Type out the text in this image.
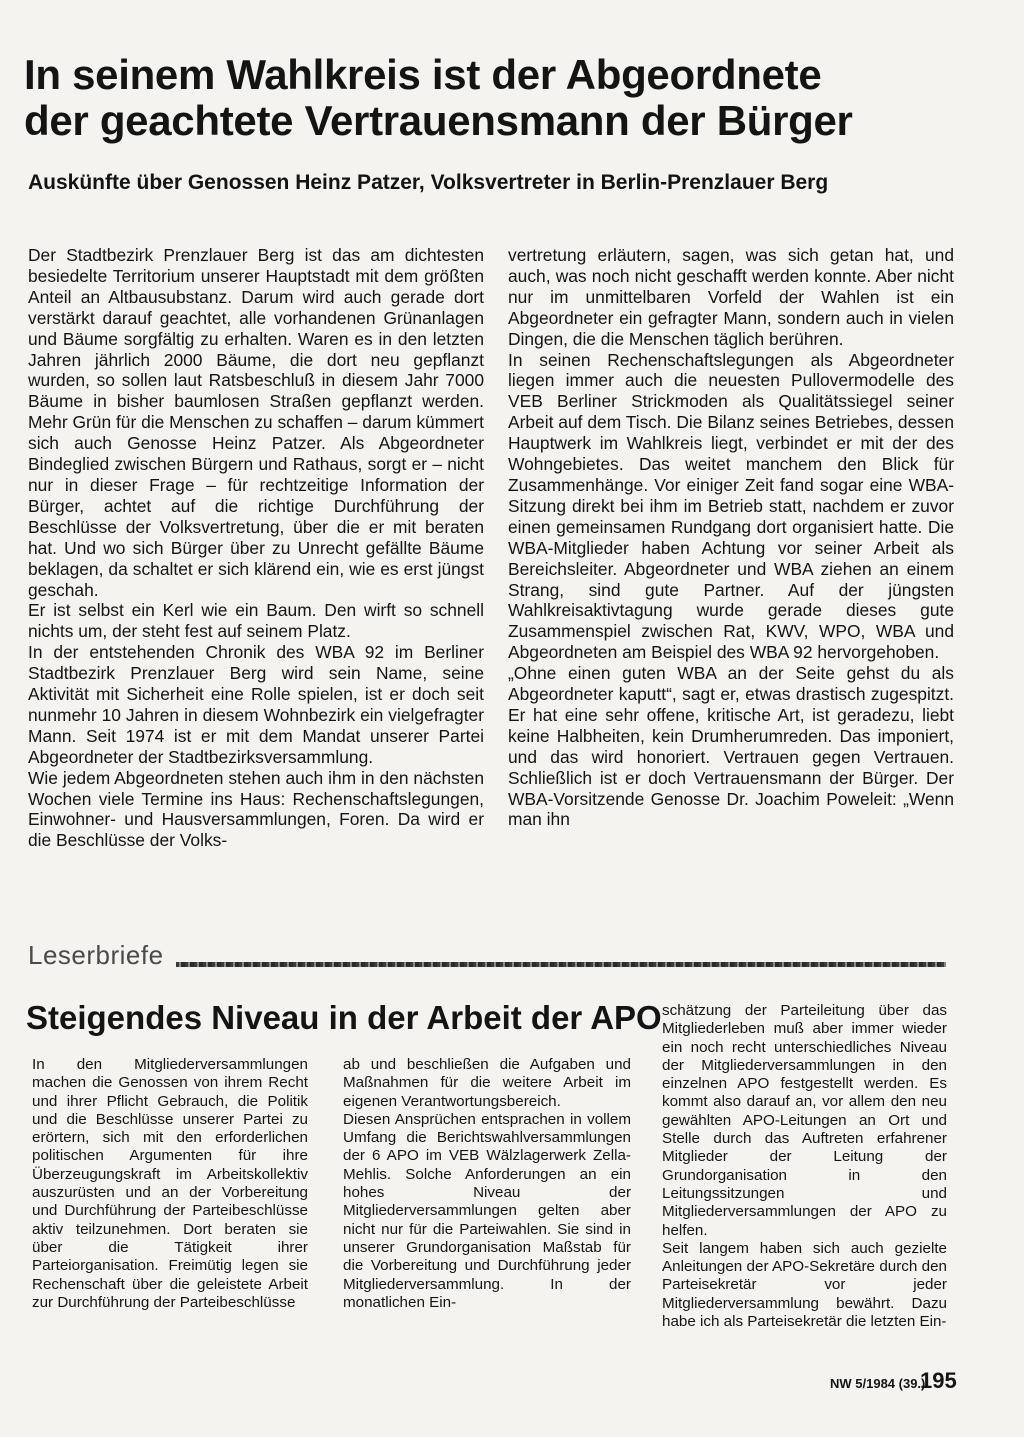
In seinem Wahlkreis ist der Abgeordnete
der geachtete Vertrauensmann der Bürger
Auskünfte über Genossen Heinz Patzer, Volksvertreter in Berlin-Prenzlauer Berg

Der Stadtbezirk Prenzlauer Berg ist das am dichtesten besiedelte Territorium unserer Hauptstadt mit dem größten Anteil an Altbausubstanz. Darum wird auch gerade dort verstärkt darauf geachtet, alle vorhandenen Grünanlagen und Bäume sorgfältig zu erhalten. Waren es in den letzten Jahren jährlich 2000 Bäume, die dort neu gepflanzt wurden, so sollen laut Ratsbeschluß in diesem Jahr 7000 Bäume in bisher baumlosen Straßen gepflanzt werden. Mehr Grün für die Menschen zu schaffen – darum kümmert sich auch Genosse Heinz Patzer. Als Abgeordneter Bindeglied zwischen Bürgern und Rathaus, sorgt er – nicht nur in dieser Frage – für rechtzeitige Information der Bürger, achtet auf die richtige Durchführung der Beschlüsse der Volksvertretung, über die er mit beraten hat. Und wo sich Bürger über zu Unrecht gefällte Bäume beklagen, da schaltet er sich klärend ein, wie es erst jüngst geschah.

Er ist selbst ein Kerl wie ein Baum. Den wirft so schnell nichts um, der steht fest auf seinem Platz.

In der entstehenden Chronik des WBA 92 im Berliner Stadtbezirk Prenzlauer Berg wird sein Name, seine Aktivität mit Sicherheit eine Rolle spielen, ist er doch seit nunmehr 10 Jahren in diesem Wohnbezirk ein vielgefragter Mann. Seit 1974 ist er mit dem Mandat unserer Partei Abgeordneter der Stadtbezirksversammlung.

Wie jedem Abgeordneten stehen auch ihm in den nächsten Wochen viele Termine ins Haus: Rechenschaftslegungen, Einwohner- und Hausversammlungen, Foren. Da wird er die Beschlüsse der Volks-

vertretung erläutern, sagen, was sich getan hat, und auch, was noch nicht geschafft werden konnte. Aber nicht nur im unmittelbaren Vorfeld der Wahlen ist ein Abgeordneter ein gefragter Mann, sondern auch in vielen Dingen, die die Menschen täglich berühren.

In seinen Rechenschaftslegungen als Abgeordneter liegen immer auch die neuesten Pullovermodelle des VEB Berliner Strickmoden als Qualitätssiegel seiner Arbeit auf dem Tisch. Die Bilanz seines Betriebes, dessen Hauptwerk im Wahlkreis liegt, verbindet er mit der des Wohngebietes. Das weitet manchem den Blick für Zusammenhänge. Vor einiger Zeit fand sogar eine WBA-Sitzung direkt bei ihm im Betrieb statt, nachdem er zuvor einen gemeinsamen Rundgang dort organisiert hatte. Die WBA-Mitglieder haben Achtung vor seiner Arbeit als Bereichsleiter. Abgeordneter und WBA ziehen an einem Strang, sind gute Partner. Auf der jüngsten Wahlkreisaktivtagung wurde gerade dieses gute Zusammenspiel zwischen Rat, KWV, WPO, WBA und Abgeordneten am Beispiel des WBA 92 hervorgehoben.

„Ohne einen guten WBA an der Seite gehst du als Abgeordneter kaputt“, sagt er, etwas drastisch zugespitzt. Er hat eine sehr offene, kritische Art, ist geradezu, liebt keine Halbheiten, kein Drumherumreden. Das imponiert, und das wird honoriert. Vertrauen gegen Vertrauen. Schließlich ist er doch Vertrauensmann der Bürger. Der WBA-Vorsitzende Genosse Dr. Joachim Poweleit: „Wenn man ihn

Leserbriefe
Steigendes Niveau in der Arbeit der APO

In den Mitgliederversammlungen machen die Genossen von ihrem Recht und ihrer Pflicht Gebrauch, die Politik und die Beschlüsse unserer Partei zu erörtern, sich mit den erforderlichen politischen Argumenten für ihre Überzeugungskraft im Arbeitskollektiv auszurüsten und an der Vorbereitung und Durchführung der Parteibeschlüsse aktiv teilzunehmen. Dort beraten sie über die Tätigkeit ihrer Parteiorganisation. Freimütig legen sie Rechenschaft über die geleistete Arbeit zur Durchführung der Parteibeschlüsse

ab und beschließen die Aufgaben und Maßnahmen für die weitere Arbeit im eigenen Verantwortungsbereich.

Diesen Ansprüchen entsprachen in vollem Umfang die Berichtswahlversammlungen der 6 APO im VEB Wälzlagerwerk Zella-Mehlis. Solche Anforderungen an ein hohes Niveau der Mitgliederversammlungen gelten aber nicht nur für die Parteiwahlen. Sie sind in unserer Grundorganisation Maßstab für die Vorbereitung und Durchführung jeder Mitgliederversammlung. In der monatlichen Ein-

schätzung der Parteileitung über das Mitgliederleben muß aber immer wieder ein noch recht unterschiedliches Niveau der Mitgliederversammlungen in den einzelnen APO festgestellt werden. Es kommt also darauf an, vor allem den neu gewählten APO-Leitungen an Ort und Stelle durch das Auftreten erfahrener Mitglieder der Leitung der Grundorganisation in den Leitungssitzungen und Mitgliederversammlungen der APO zu helfen.

Seit langem haben sich auch gezielte Anleitungen der APO-Sekretäre durch den Parteisekretär vor jeder Mitgliederversammlung bewährt. Dazu habe ich als Parteisekretär die letzten Ein-

NW 5/1984 (39.)
195
